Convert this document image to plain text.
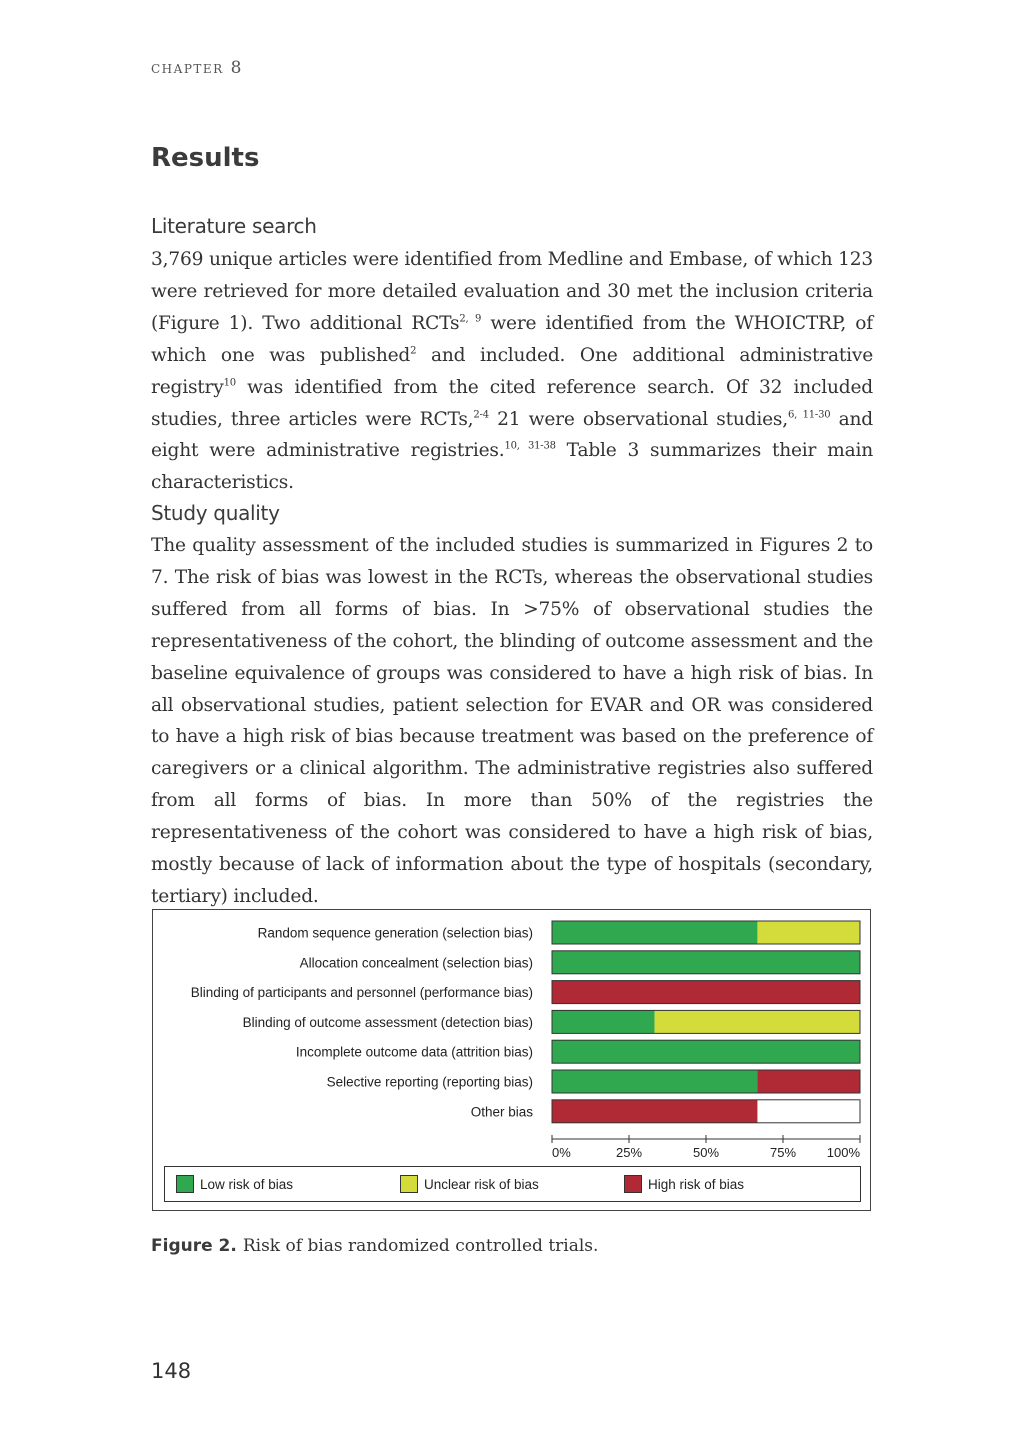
chapter 8
Results
Literature search

3,769 unique articles were identified from Medline and Embase, of which 123 were retrieved for more detailed evaluation and 30 met the inclusion criteria (Figure 1). Two additional RCTs$^{2, 9}$ were identified from the WHOICTRP, of which one was published$^2$ and included. One additional administrative registry$^{10}$ was identified from the cited reference search. Of 32 included studies, three articles were RCTs,$^{2-4}$ 21 were observational studies,$^{6, 11-30}$ and eight were administrative registries.$^{10, 31-38}$ Table 3 summarizes their main characteristics.

Study quality

The quality assessment of the included studies is summarized in Figures 2 to 7. The risk of bias was lowest in the RCTs, whereas the observational studies suffered from all forms of bias. In >75% of observational studies the representativeness of the cohort, the blinding of outcome assessment and the baseline equivalence of groups was considered to have a high risk of bias. In all observational studies, patient selection for EVAR and OR was considered to have a high risk of bias because treatment was based on the preference of caregivers or a clinical algorithm. The administrative registries also suffered from all forms of bias. In more than 50% of the registries the representativeness of the cohort was considered to have a high risk of bias, mostly because of lack of information about the type of hospitals (secondary, tertiary) included.

Random sequence generation (selection bias)
Allocation concealment (selection bias)
Blinding of participants and personnel (performance bias)
Blinding of outcome assessment (detection bias)
Incomplete outcome data (attrition bias)
Selective reporting (reporting bias)
Other bias
0%	25%	50%	75% 100%
Low risk of bias	Unclear risk of bias	High risk of bias

Figure 2. Risk of bias randomized controlled trials.

148
